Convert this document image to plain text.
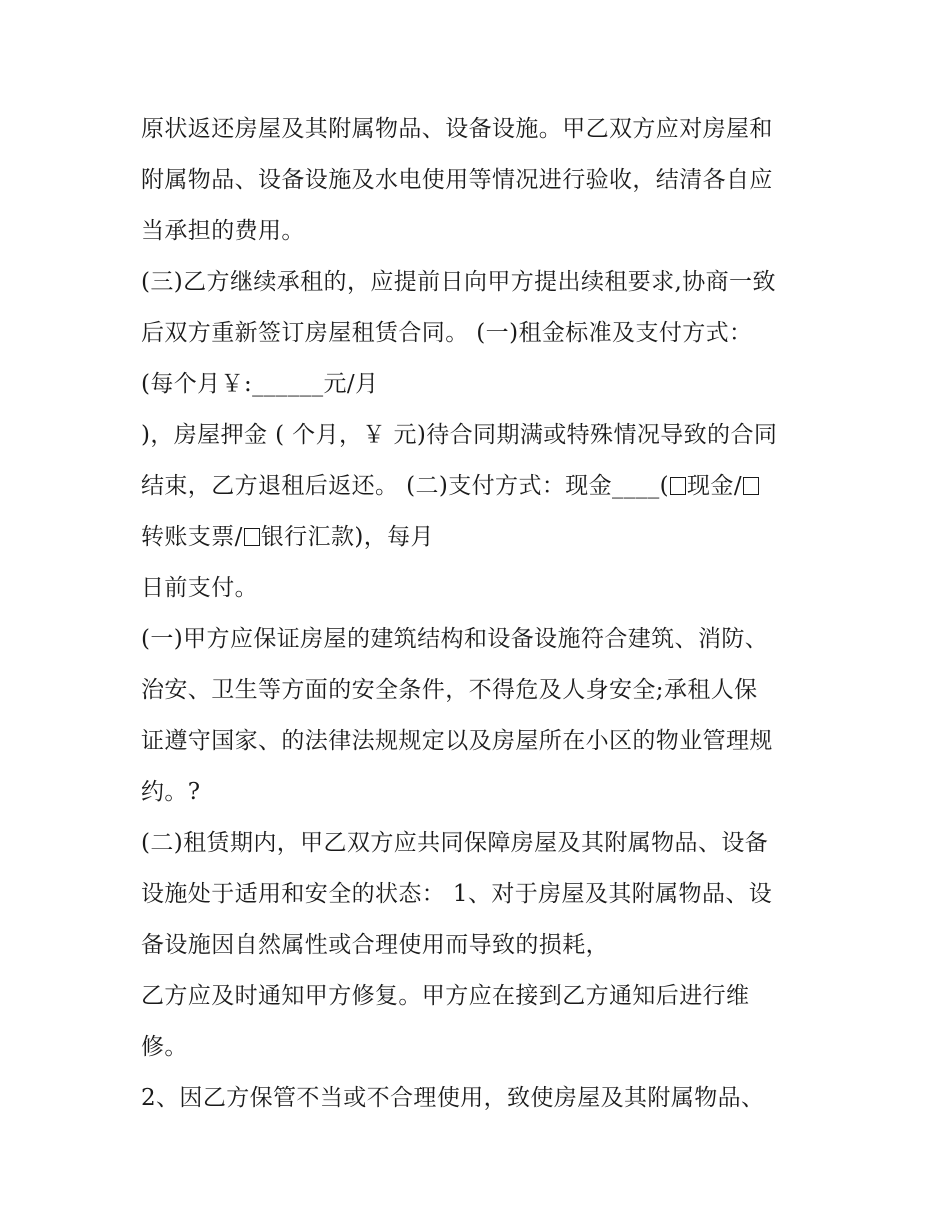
原状返还房屋及其附属物品、设备设施。甲乙双方应对房屋和
附属物品、设备设施及水电使用等情况进行验收，结清各自应
当承担的费用。
(三)乙方继续承租的，应提前日向甲方提出续租要求,协商一致
后双方重新签订房屋租赁合同。 (一)租金标准及支付方式：
(每个月￥:______元/月
)，房屋押金 ( 个月，￥ 元)待合同期满或特殊情况导致的合同
结束，乙方退租后返还。 (二)支付方式：现金____( 现金/
转账支票/ 银行汇款)，每月
日前支付。
(一)甲方应保证房屋的建筑结构和设备设施符合建筑、消防、
治安、卫生等方面的安全条件，不得危及人身安全;承租人保
证遵守国家、的法律法规规定以及房屋所在小区的物业管理规
约。?
(二)租赁期内，甲乙双方应共同保障房屋及其附属物品、设备
设施处于适用和安全的状态： 1、对于房屋及其附属物品、设
备设施因自然属性或合理使用而导致的损耗，
乙方应及时通知甲方修复。甲方应在接到乙方通知后进行维
修。
2、因乙方保管不当或不合理使用，致使房屋及其附属物品、
